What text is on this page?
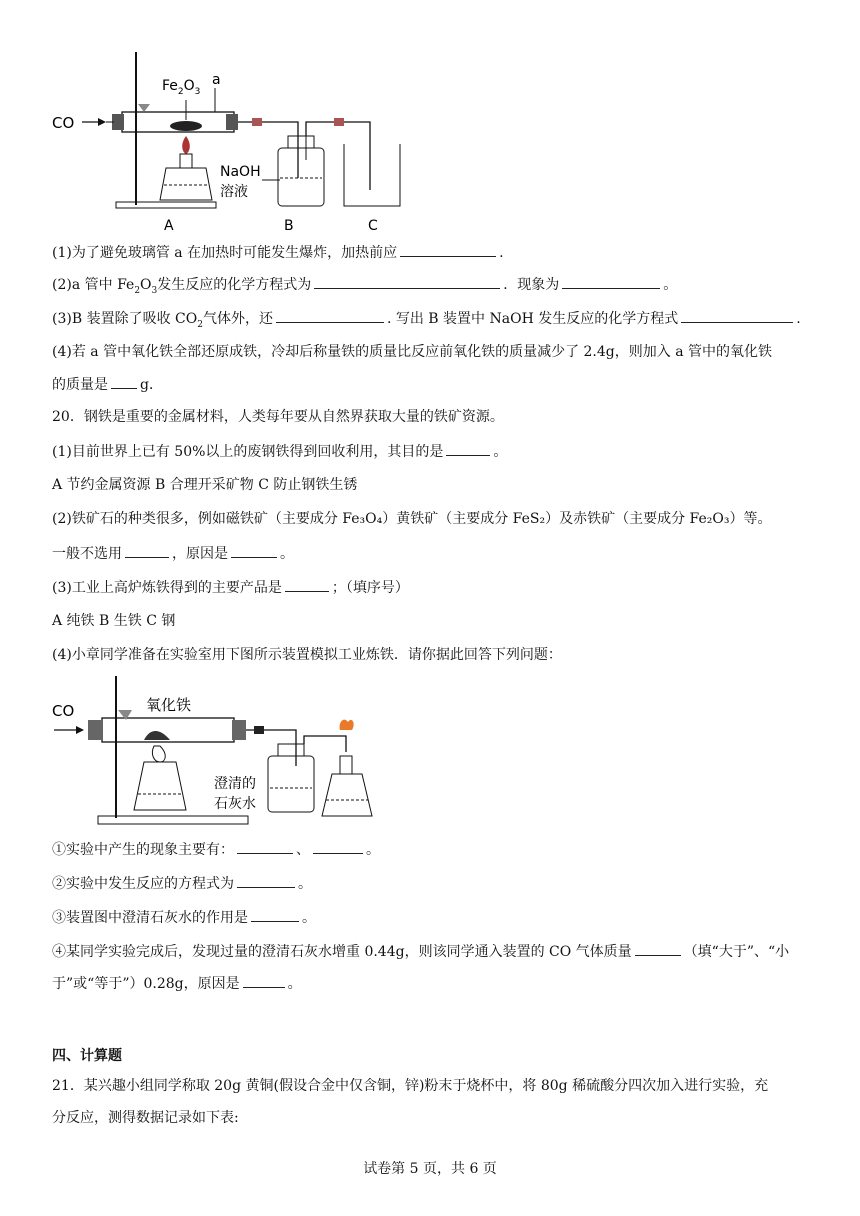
CO
$Fe_2O_3$
a
NaOH
溶液
A	B	C
(1)为了避免玻璃管 a 在加热时可能发生爆炸，加热前应	.
(2)a 管中 $Fe_2O_3$发生反应的化学方程式为	．现象为	。
(3)B 装置除了吸收 $CO_2$气体外，还	. 写出 B 装置中 NaOH 发生反应的化学方程式	.
(4)若 a 管中氧化铁全部还原成铁，冷却后称量铁的质量比反应前氧化铁的质量减少了 2.4g，则加入 a 管中的氧化铁
的质量是 g．
20．钢铁是重要的金属材料，人类每年要从自然界获取大量的铁矿资源。
(1)目前世界上已有 50%以上的废钢铁得到回收利用，其目的是	。
A 节约金属资源 B 合理开采矿物 C 防止钢铁生锈
(2)铁矿石的种类很多，例如磁铁矿（主要成分 Fe₃O₄）黄铁矿（主要成分 FeS₂）及赤铁矿（主要成分 Fe₂O₃）等。
一般不选用	，原因是	。
(3)工业上高炉炼铁得到的主要产品是	；（填序号）
A 纯铁 B 生铁 C 钢
(4)小章同学准备在实验室用下图所示装置模拟工业炼铁．请你据此回答下列问题：
CO	氧化铁
澄清的
石灰水
①实验中产生的现象主要有：	、	。
②实验中发生反应的方程式为	。
③装置图中澄清石灰水的作用是	。
④某同学实验完成后，发现过量的澄清石灰水增重 0.44g，则该同学通入装置的 CO 气体质量	（填“大于”、“小
于”或“等于”）0.28g，原因是	。
四、计算题
21．某兴趣小组同学称取 20g 黄铜(假设合金中仅含铜，锌)粉末于烧杯中，将 80g 稀硫酸分四次加入进行实验，充
分反应，测得数据记录如下表:
试卷第 5 页，共 6 页
